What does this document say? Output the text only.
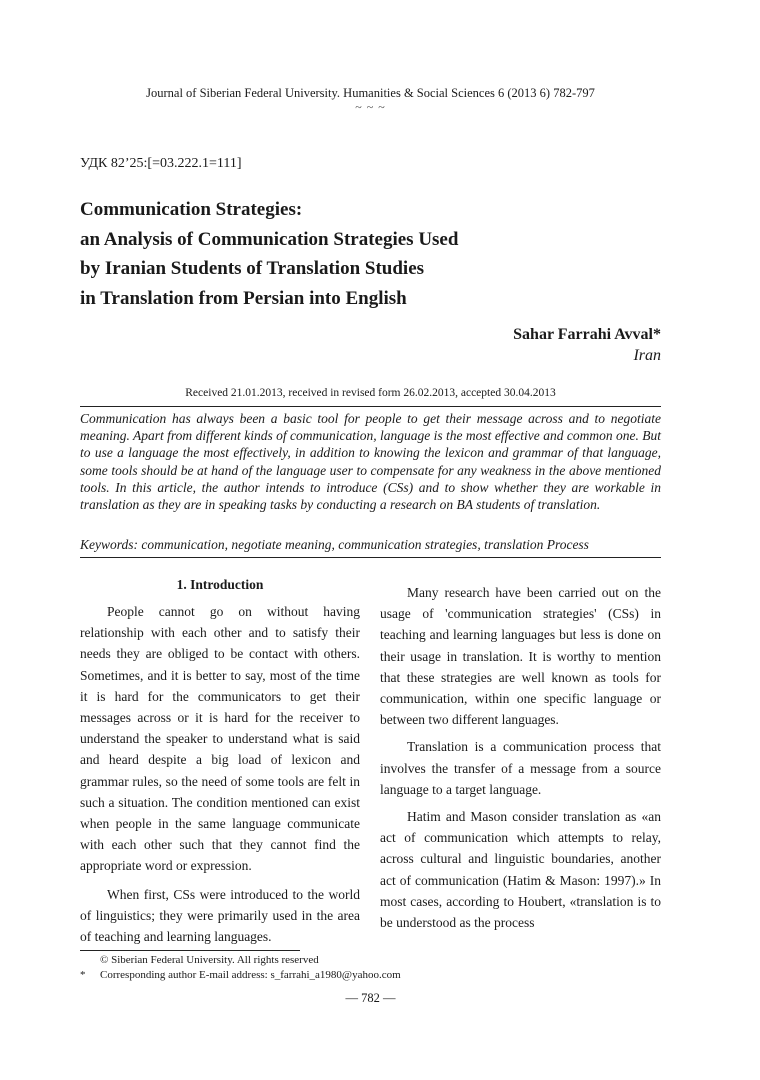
Journal of Siberian Federal University. Humanities & Social Sciences 6 (2013 6) 782-797
~ ~ ~
УДК 82’25:[=03.222.1=111]
Communication Strategies:
an Analysis of Communication Strategies Used
by Iranian Students of Translation Studies
in Translation from Persian into English
Sahar Farrahi Avval*
Iran
Received 21.01.2013, received in revised form 26.02.2013, accepted 30.04.2013
Communication has always been a basic tool for people to get their message across and to negotiate meaning. Apart from different kinds of communication, language is the most effective and common one. But to use a language the most effectively, in addition to knowing the lexicon and grammar of that language, some tools should be at hand of the language user to compensate for any weakness in the above mentioned tools. In this article, the author intends to introduce (CSs) and to show whether they are workable in translation as they are in speaking tasks by conducting a research on BA students of translation.
Keywords: communication, negotiate meaning, communication strategies, translation Process
1. Introduction

People cannot go on without having relationship with each other and to satisfy their needs they are obliged to be contact with others. Sometimes, and it is better to say, most of the time it is hard for the communicators to get their messages across or it is hard for the receiver to understand the speaker to understand what is said and heard despite a big load of lexicon and grammar rules, so the need of some tools are felt in such a situation. The condition mentioned can exist when people in the same language communicate with each other such that they cannot find the appropriate word or expression.

When first, CSs were introduced to the world of linguistics; they were primarily used in the area of teaching and learning languages.

Many research have been carried out on the usage of 'communication strategies' (CSs) in teaching and learning languages but less is done on their usage in translation. It is worthy to mention that these strategies are well known as tools for communication, within one specific language or between two different languages.

Translation is a communication process that involves the transfer of a message from a source language to a target language.

Hatim and Mason consider translation as «an act of communication which attempts to relay, across cultural and linguistic boundaries, another act of communication (Hatim & Mason: 1997).» In most cases, according to Houbert, «translation is to be understood as the process

© Siberian Federal University. All rights reserved
* Corresponding author E-mail address: s_farrahi_a1980@yahoo.com
— 782 —
